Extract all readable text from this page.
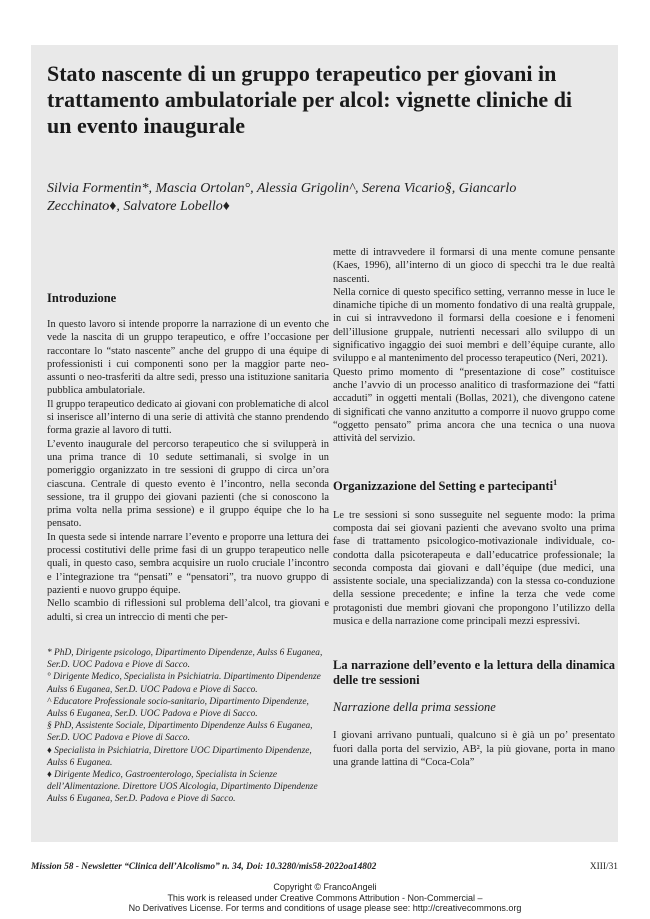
Stato nascente di un gruppo terapeutico per giovani in trattamento ambulatoriale per alcol: vignette cliniche di un evento inaugurale
Silvia Formentin*, Mascia Ortolan°, Alessia Grigolin^, Serena Vicario§, Giancarlo Zecchinato♦, Salvatore Lobello♦
Introduzione

In questo lavoro si intende proporre la narrazione di un evento che vede la nascita di un gruppo terapeutico, e offre l’occasione per raccontare lo “stato nascente” anche del gruppo di una équipe di professionisti i cui componenti sono per la maggior parte neo-assunti o neo-trasferiti da altre sedi, presso una istituzione sanitaria pubblica ambulatoriale.

Il gruppo terapeutico dedicato ai giovani con problematiche di alcol si inserisce all’interno di una serie di attività che stanno prendendo forma grazie al lavoro di tutti.

L’evento inaugurale del percorso terapeutico che si svilupperà in una prima trance di 10 sedute settimanali, si svolge in un pomeriggio organizzato in tre sessioni di gruppo di circa un’ora ciascuna. Centrale di questo evento è l’incontro, nella seconda sessione, tra il gruppo dei giovani pazienti (che si conoscono la prima volta nella prima sessione) e il gruppo équipe che lo ha pensato.

In questa sede si intende narrare l’evento e proporre una lettura dei processi costitutivi delle prime fasi di un gruppo terapeutico nelle quali, in questo caso, sembra acquisire un ruolo cruciale l’incontro e l’integrazione tra “pensati” e “pensatori”, tra nuovo gruppo di pazienti e nuovo gruppo équipe.

Nello scambio di riflessioni sul problema dell’alcol, tra giovani e adulti, si crea un intreccio di menti che per-

* PhD, Dirigente psicologo, Dipartimento Dipendenze, Aulss 6 Euganea, Ser.D. UOC Padova e Piove di Sacco.

° Dirigente Medico, Specialista in Psichiatria. Dipartimento Dipendenze Aulss 6 Euganea, Ser.D. UOC Padova e Piove di Sacco.

^ Educatore Professionale socio-sanitario, Dipartimento Dipendenze, Aulss 6 Euganea, Ser.D. UOC Padova e Piove di Sacco.

§ PhD, Assistente Sociale, Dipartimento Dipendenze Aulss 6 Euganea, Ser.D. UOC Padova e Piove di Sacco.

♦ Specialista in Psichiatria, Direttore UOC Dipartimento Dipendenze, Aulss 6 Euganea.

♦ Dirigente Medico, Gastroenterologo, Specialista in Scienze dell’Alimentazione. Direttore UOS Alcologia, Dipartimento Dipendenze Aulss 6 Euganea, Ser.D. Padova e Piove di Sacco.

mette di intravvedere il formarsi di una mente comune pensante (Kaes, 1996), all’interno di un gioco di specchi tra le due realtà nascenti.

Nella cornice di questo specifico setting, verranno messe in luce le dinamiche tipiche di un momento fondativo di una realtà gruppale, in cui si intravvedono il formarsi della coesione e i fenomeni dell’illusione gruppale, nutrienti necessari allo sviluppo di un significativo ingaggio dei suoi membri e dell’équipe curante, allo sviluppo e al mantenimento del processo terapeutico (Neri, 2021).

Questo primo momento di “presentazione di cose” costituisce anche l’avvio di un processo analitico di trasformazione dei “fatti accaduti” in oggetti mentali (Bollas, 2021), che divengono catene di significati che vanno anzitutto a comporre il nuovo gruppo come “oggetto pensato” prima ancora che una tecnica o una nuova attività del servizio.

Organizzazione del Setting e partecipanti$^1$

Le tre sessioni si sono susseguite nel seguente modo: la prima composta dai sei giovani pazienti che avevano svolto una prima fase di trattamento psicologico-motivazionale individuale, co-condotta dalla psicoterapeuta e dall’educatrice professionale; la seconda composta dai giovani e dall’équipe (due medici, una assistente sociale, una specializzanda) con la stessa co-conduzione della sessione precedente; e infine la terza che vede come protagonisti due membri giovani che propongono l’utilizzo della musica e della narrazione come principali mezzi espressivi.

La narrazione dell’evento e la lettura della dinamica delle tre sessioni
Narrazione della prima sessione

I giovani arrivano puntuali, qualcuno si è già un po’ presentato fuori dalla porta del servizio, AB², la più giovane, porta in mano una grande lattina di “Coca-Cola”

Mission 58 - Newsletter “Clinica dell’Alcolismo” n. 34, Doi: 10.3280/mis58-2022oa14802	XIII/31
Copyright © FrancoAngeli
This work is released under Creative Commons Attribution - Non-Commercial –
No Derivatives License. For terms and conditions of usage please see: http://creativecommons.org
